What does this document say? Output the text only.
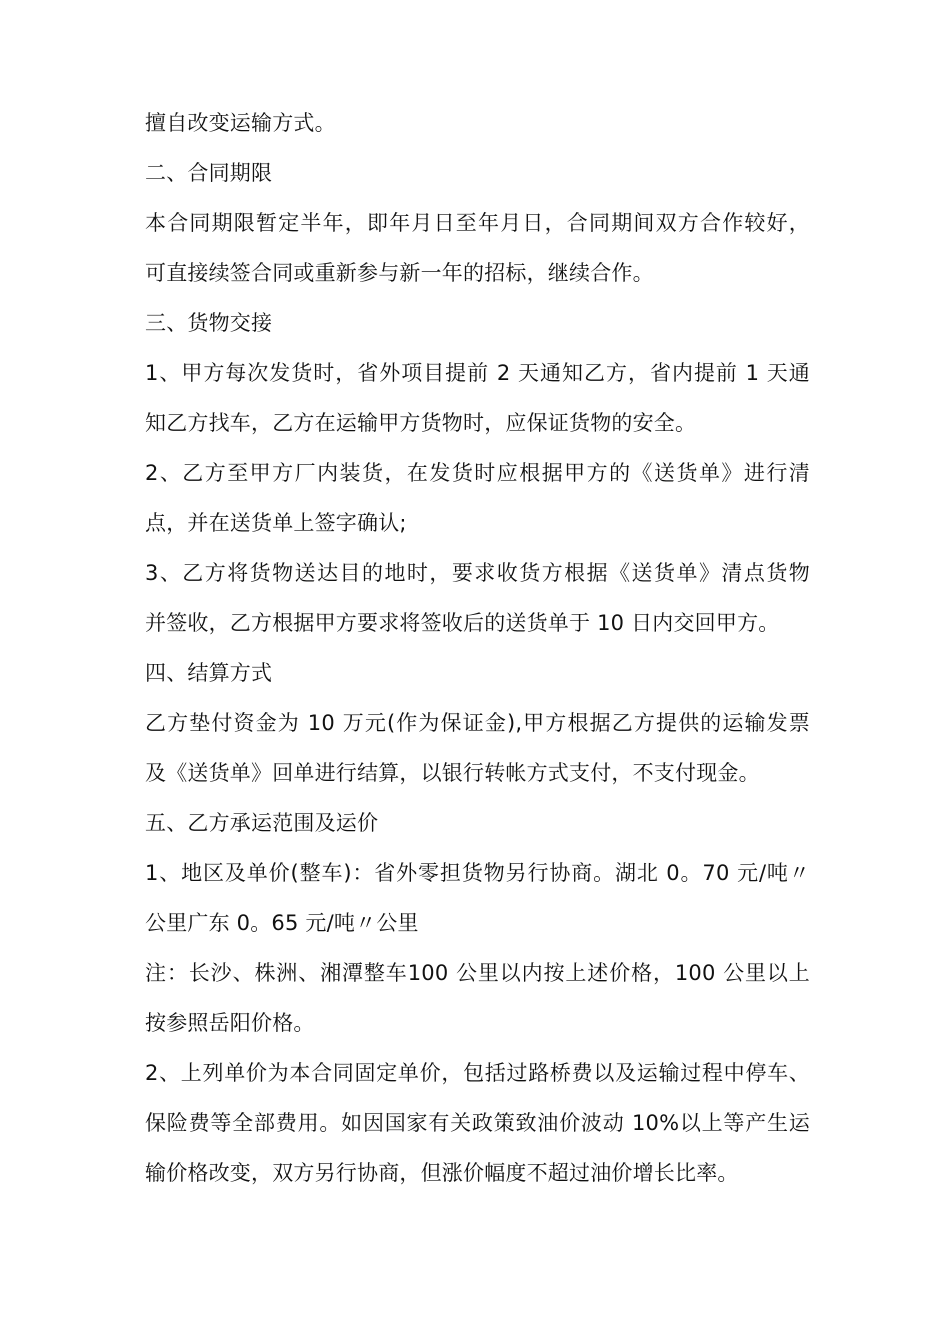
擅自改变运输方式。
二、合同期限
本合同期限暂定半年，即年月日至年月日，合同期间双方合作较好，
可直接续签合同或重新参与新一年的招标，继续合作。
三、货物交接
1、甲方每次发货时，省外项目提前 2 天通知乙方，省内提前 1 天通
知乙方找车，乙方在运输甲方货物时，应保证货物的安全。
2、乙方至甲方厂内装货，在发货时应根据甲方的《送货单》进行清
点，并在送货单上签字确认;
3、乙方将货物送达目的地时，要求收货方根据《送货单》清点货物
并签收，乙方根据甲方要求将签收后的送货单于 10 日内交回甲方。
四、结算方式
乙方垫付资金为 10 万元(作为保证金),甲方根据乙方提供的运输发票
及《送货单》回单进行结算，以银行转帐方式支付，不支付现金。
五、乙方承运范围及运价
1、地区及单价(整车)：省外零担货物另行协商。湖北 0。70 元/吨〃
公里广东 0。65 元/吨〃公里
注：长沙、株洲、湘潭整车100 公里以内按上述价格，100 公里以上
按参照岳阳价格。
2、上列单价为本合同固定单价，包括过路桥费以及运输过程中停车、
保险费等全部费用。如因国家有关政策致油价波动 10%以上等产生运
输价格改变，双方另行协商，但涨价幅度不超过油价增长比率。
